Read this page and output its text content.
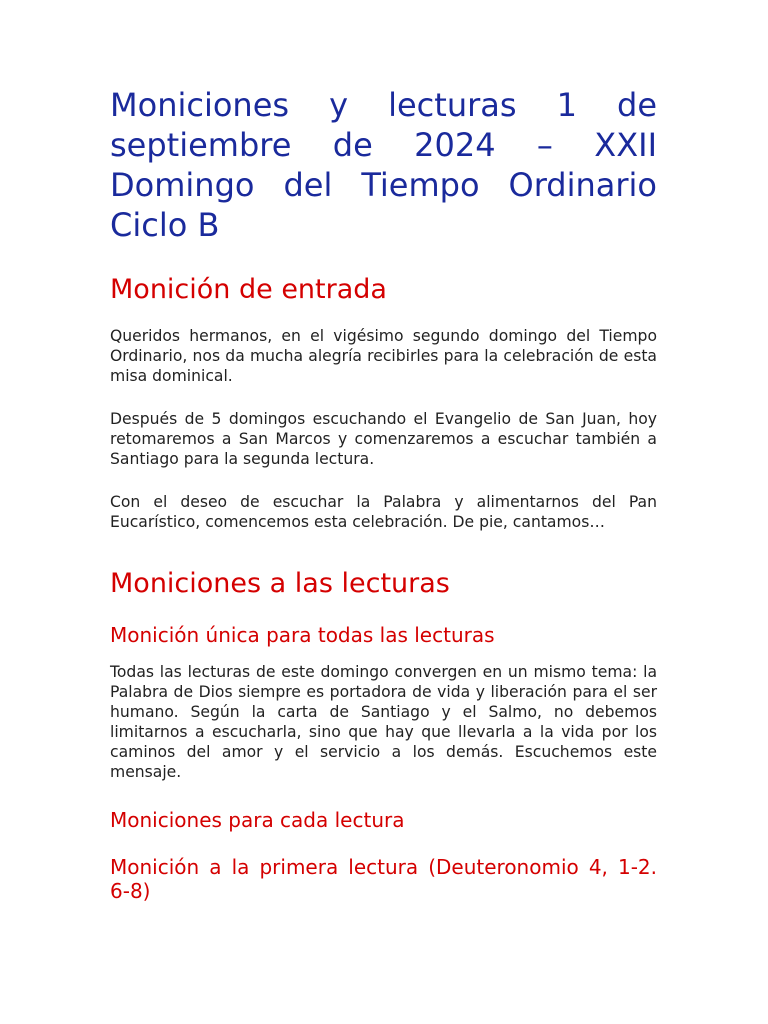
Moniciones y lecturas 1 de septiembre de 2024 – XXII Domingo del Tiempo Ordinario Ciclo B
Monición de entrada

Queridos hermanos, en el vigésimo segundo domingo del Tiempo Ordinario, nos da mucha alegría recibirles para la celebración de esta misa dominical.

Después de 5 domingos escuchando el Evangelio de San Juan, hoy retomaremos a San Marcos y comenzaremos a escuchar también a Santiago para la segunda lectura.

Con el deseo de escuchar la Palabra y alimentarnos del Pan Eucarístico, comencemos esta celebración. De pie, cantamos…

Moniciones a las lecturas
Monición única para todas las lecturas

Todas las lecturas de este domingo convergen en un mismo tema: la Palabra de Dios siempre es portadora de vida y liberación para el ser humano. Según la carta de Santiago y el Salmo, no debemos limitarnos a escucharla, sino que hay que llevarla a la vida por los caminos del amor y el servicio a los demás. Escuchemos este mensaje.

Moniciones para cada lectura
Monición a la primera lectura (Deuteronomio 4, 1-2. 6-8)
